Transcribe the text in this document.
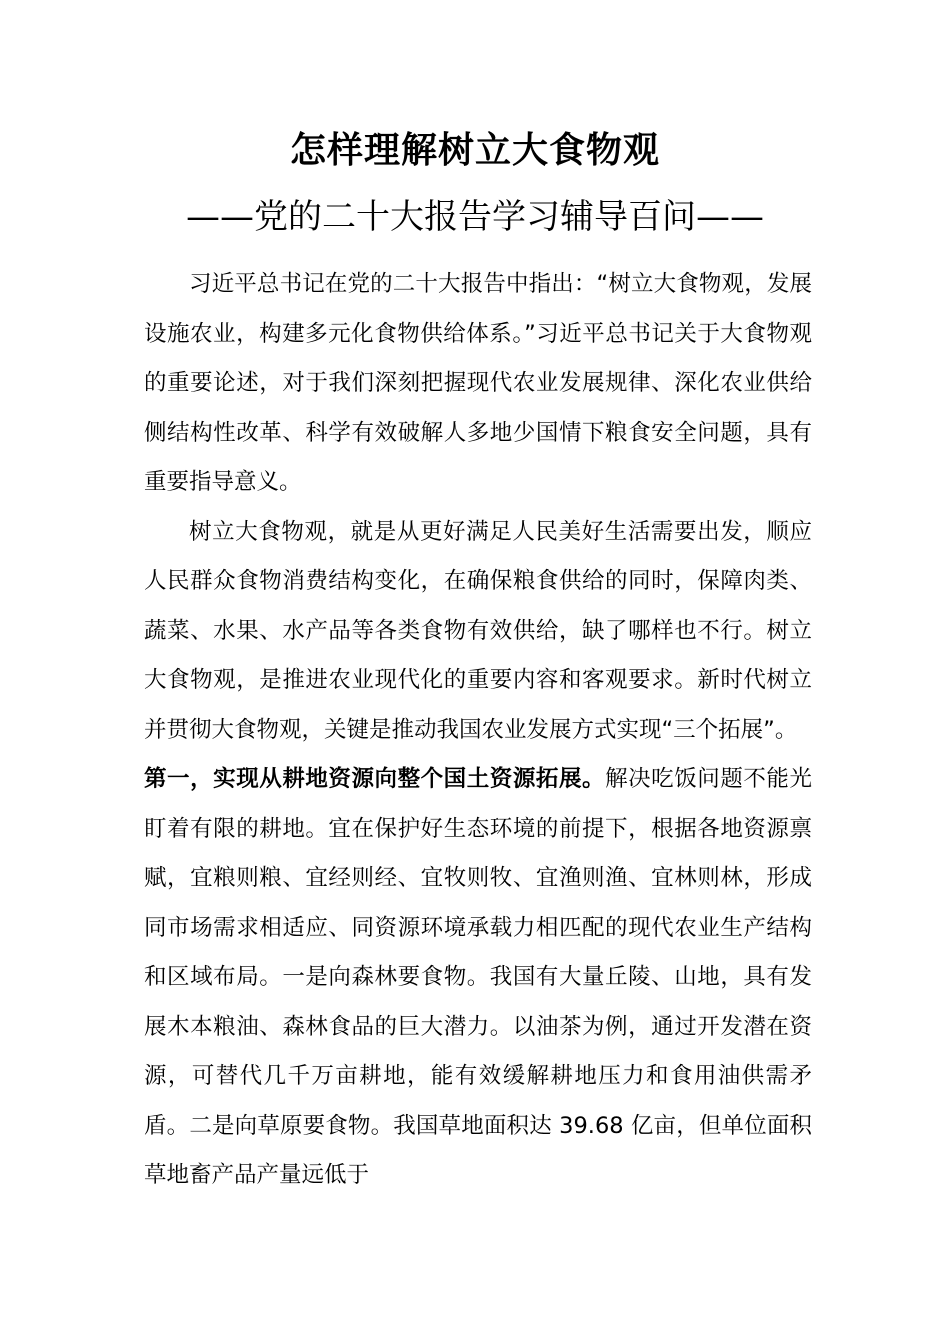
怎样理解树立大食物观
——党的二十大报告学习辅导百问——

习近平总书记在党的二十大报告中指出：“树立大食物观，发展设施农业，构建多元化食物供给体系。”习近平总书记关于大食物观的重要论述，对于我们深刻把握现代农业发展规律、深化农业供给侧结构性改革、科学有效破解人多地少国情下粮食安全问题，具有重要指导意义。

树立大食物观，就是从更好满足人民美好生活需要出发，顺应人民群众食物消费结构变化，在确保粮食供给的同时，保障肉类、蔬菜、水果、水产品等各类食物有效供给，缺了哪样也不行。树立大食物观，是推进农业现代化的重要内容和客观要求。新时代树立并贯彻大食物观，关键是推动我国农业发展方式实现“三个拓展”。

第一，实现从耕地资源向整个国土资源拓展。解决吃饭问题不能光盯着有限的耕地。宜在保护好生态环境的前提下，根据各地资源禀赋，宜粮则粮、宜经则经、宜牧则牧、宜渔则渔、宜林则林，形成同市场需求相适应、同资源环境承载力相匹配的现代农业生产结构和区域布局。一是向森林要食物。我国有大量丘陵、山地，具有发展木本粮油、森林食品的巨大潜力。以油茶为例，通过开发潜在资源，可替代几千万亩耕地，能有效缓解耕地压力和食用油供需矛盾。二是向草原要食物。我国草地面积达 39.68 亿亩，但单位面积草地畜产品产量远低于
